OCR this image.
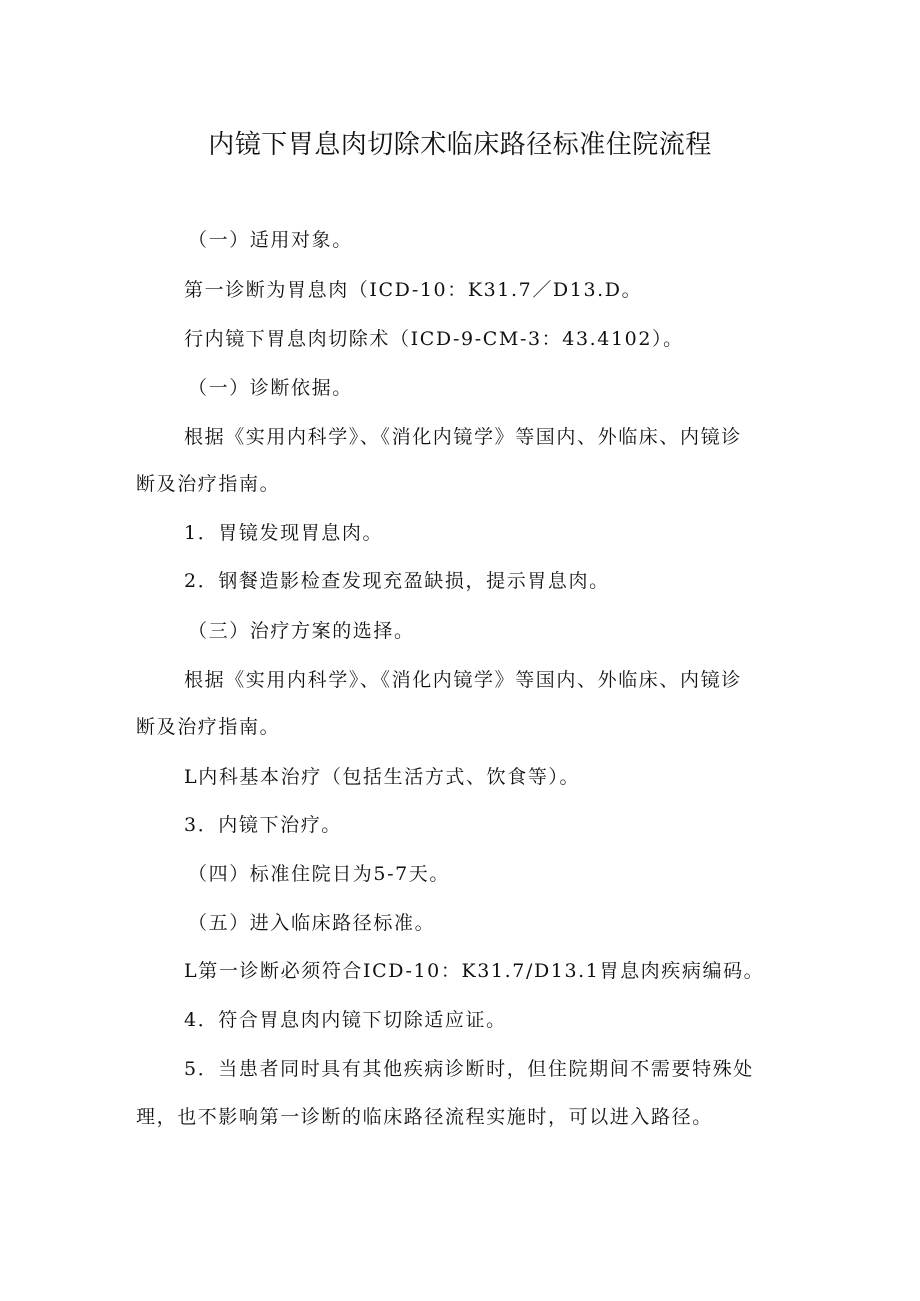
内镜下胃息肉切除术临床路径标准住院流程

（一）适用对象。

第一诊断为胃息肉（ICD-10：K31.7／D13.D。

行内镜下胃息肉切除术（ICD-9-CM-3：43.4102）。

（一）诊断依据。

根据《实用内科学》、《消化内镜学》等国内、外临床、内镜诊

断及治疗指南。

1．胃镜发现胃息肉。

2．钢餐造影检查发现充盈缺损，提示胃息肉。

（三）治疗方案的选择。

根据《实用内科学》、《消化内镜学》等国内、外临床、内镜诊

断及治疗指南。

L内科基本治疗（包括生活方式、饮食等）。

3．内镜下治疗。

（四）标准住院日为5-7天。

（五）进入临床路径标准。

L第一诊断必须符合ICD-10：K31.7/D13.1胃息肉疾病编码。

4．符合胃息肉内镜下切除适应证。

5．当患者同时具有其他疾病诊断时，但住院期间不需要特殊处

理，也不影响第一诊断的临床路径流程实施时，可以进入路径。
